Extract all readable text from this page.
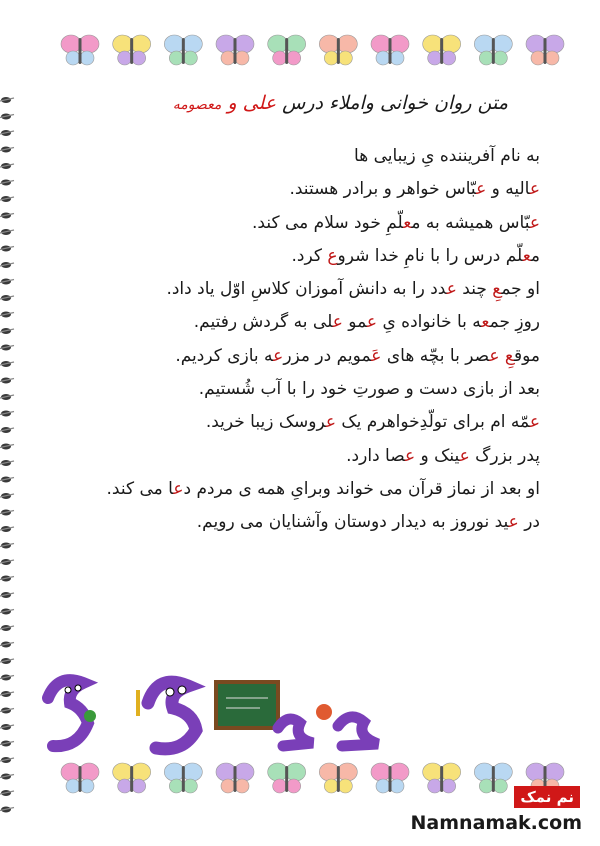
متن روان خوانی واملاء درس علی و معصومه
به نام آفریننده یِ زیبایی ها
عالیه و عبّاس خواهر و برادر هستند.
عبّاس همیشه به معلّمِ خود سلام می کند.
معلّم درس را با نامِ خدا شروع کرد.
او جمعِ چند عدد را به دانش آموزان کلاسِ اوّل یاد داد.
روزِ جمعه با خانواده یِ عمو علی به گردش رفتیم.
موقعِ عصر با بچّه های عَمویم در مزرعه بازی کردیم.
بعد از بازی دست و صورتِ خود را با آب شُستیم.
عمّه ام برای تولّدِخواهرم یک عروسک زیبا خرید.
پدر بزرگ عینک و عصا دارد.
او بعد از نماز قرآن می خواند وبرایِ همه ی مردم دعا می کند.
در عید نوروز به دیدار دوستان وآشنایان می رویم.
نم نمک
Namnamak.com
